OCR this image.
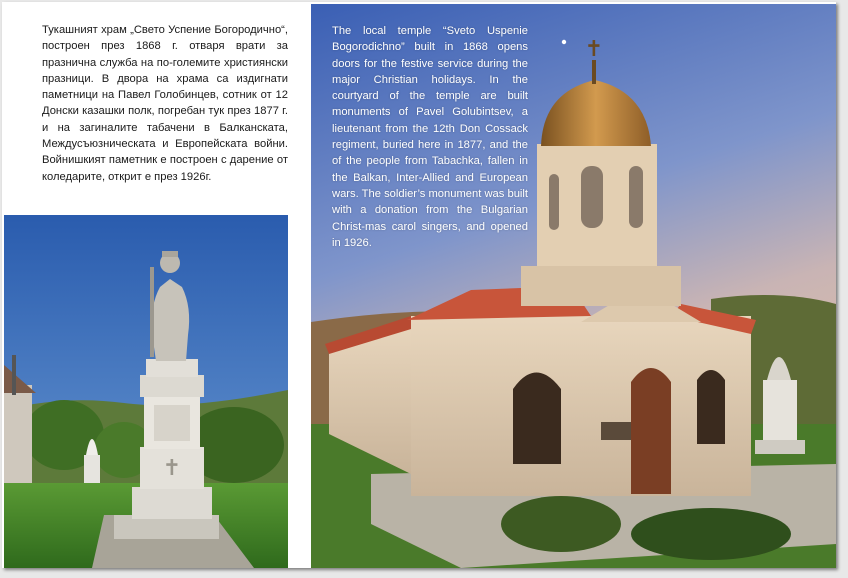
Тукашният храм „Свето Успение Богородично“, построен през 1868 г. отваря врати за празнична служба на по-големите християнски празници. В двора на храма са издигнати паметници на Павел Голобинцев, сотник от 12 Донски казашки полк, погребан тук през 1877 г. и на загиналите табачени в Балканската, Междусъюзническата и Европейската войни. Войнишкият паметник е построен с дарение от коледарите, открит е през 1926г.

✝
✝

The local temple “Sveto Uspenie Bogorodichno” built in 1868 opens doors for the festive service during the major Christian holidays. In the courtyard of the temple are built monuments of Pavel Golubintsev, a lieutenant from the 12th Don Cossack regiment, buried here in 1877, and the of the people from Tabachka, fallen in the Balkan, Inter-Allied and European wars. The soldier’s monument was built with a donation from the Bulgarian Christ-mas carol singers, and opened in 1926.
